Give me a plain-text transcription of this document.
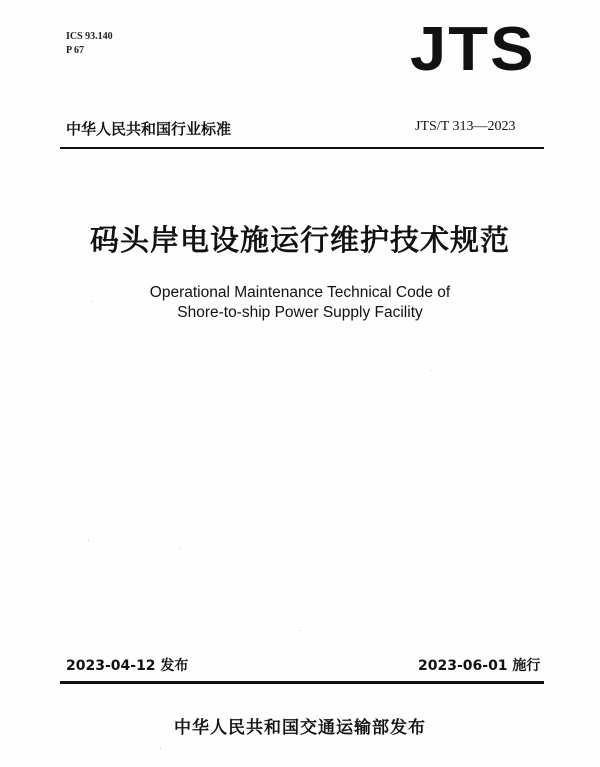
ICS 93.140
P 67	JTS
中华人民共和国行业标准	JTS/T 313—2023
码头岸电设施运行维护技术规范
Operational Maintenance Technical Code of
Shore-to-ship Power Supply Facility
2023-04-12 发布	2023-06-01 施行
中华人民共和国交通运输部发布
